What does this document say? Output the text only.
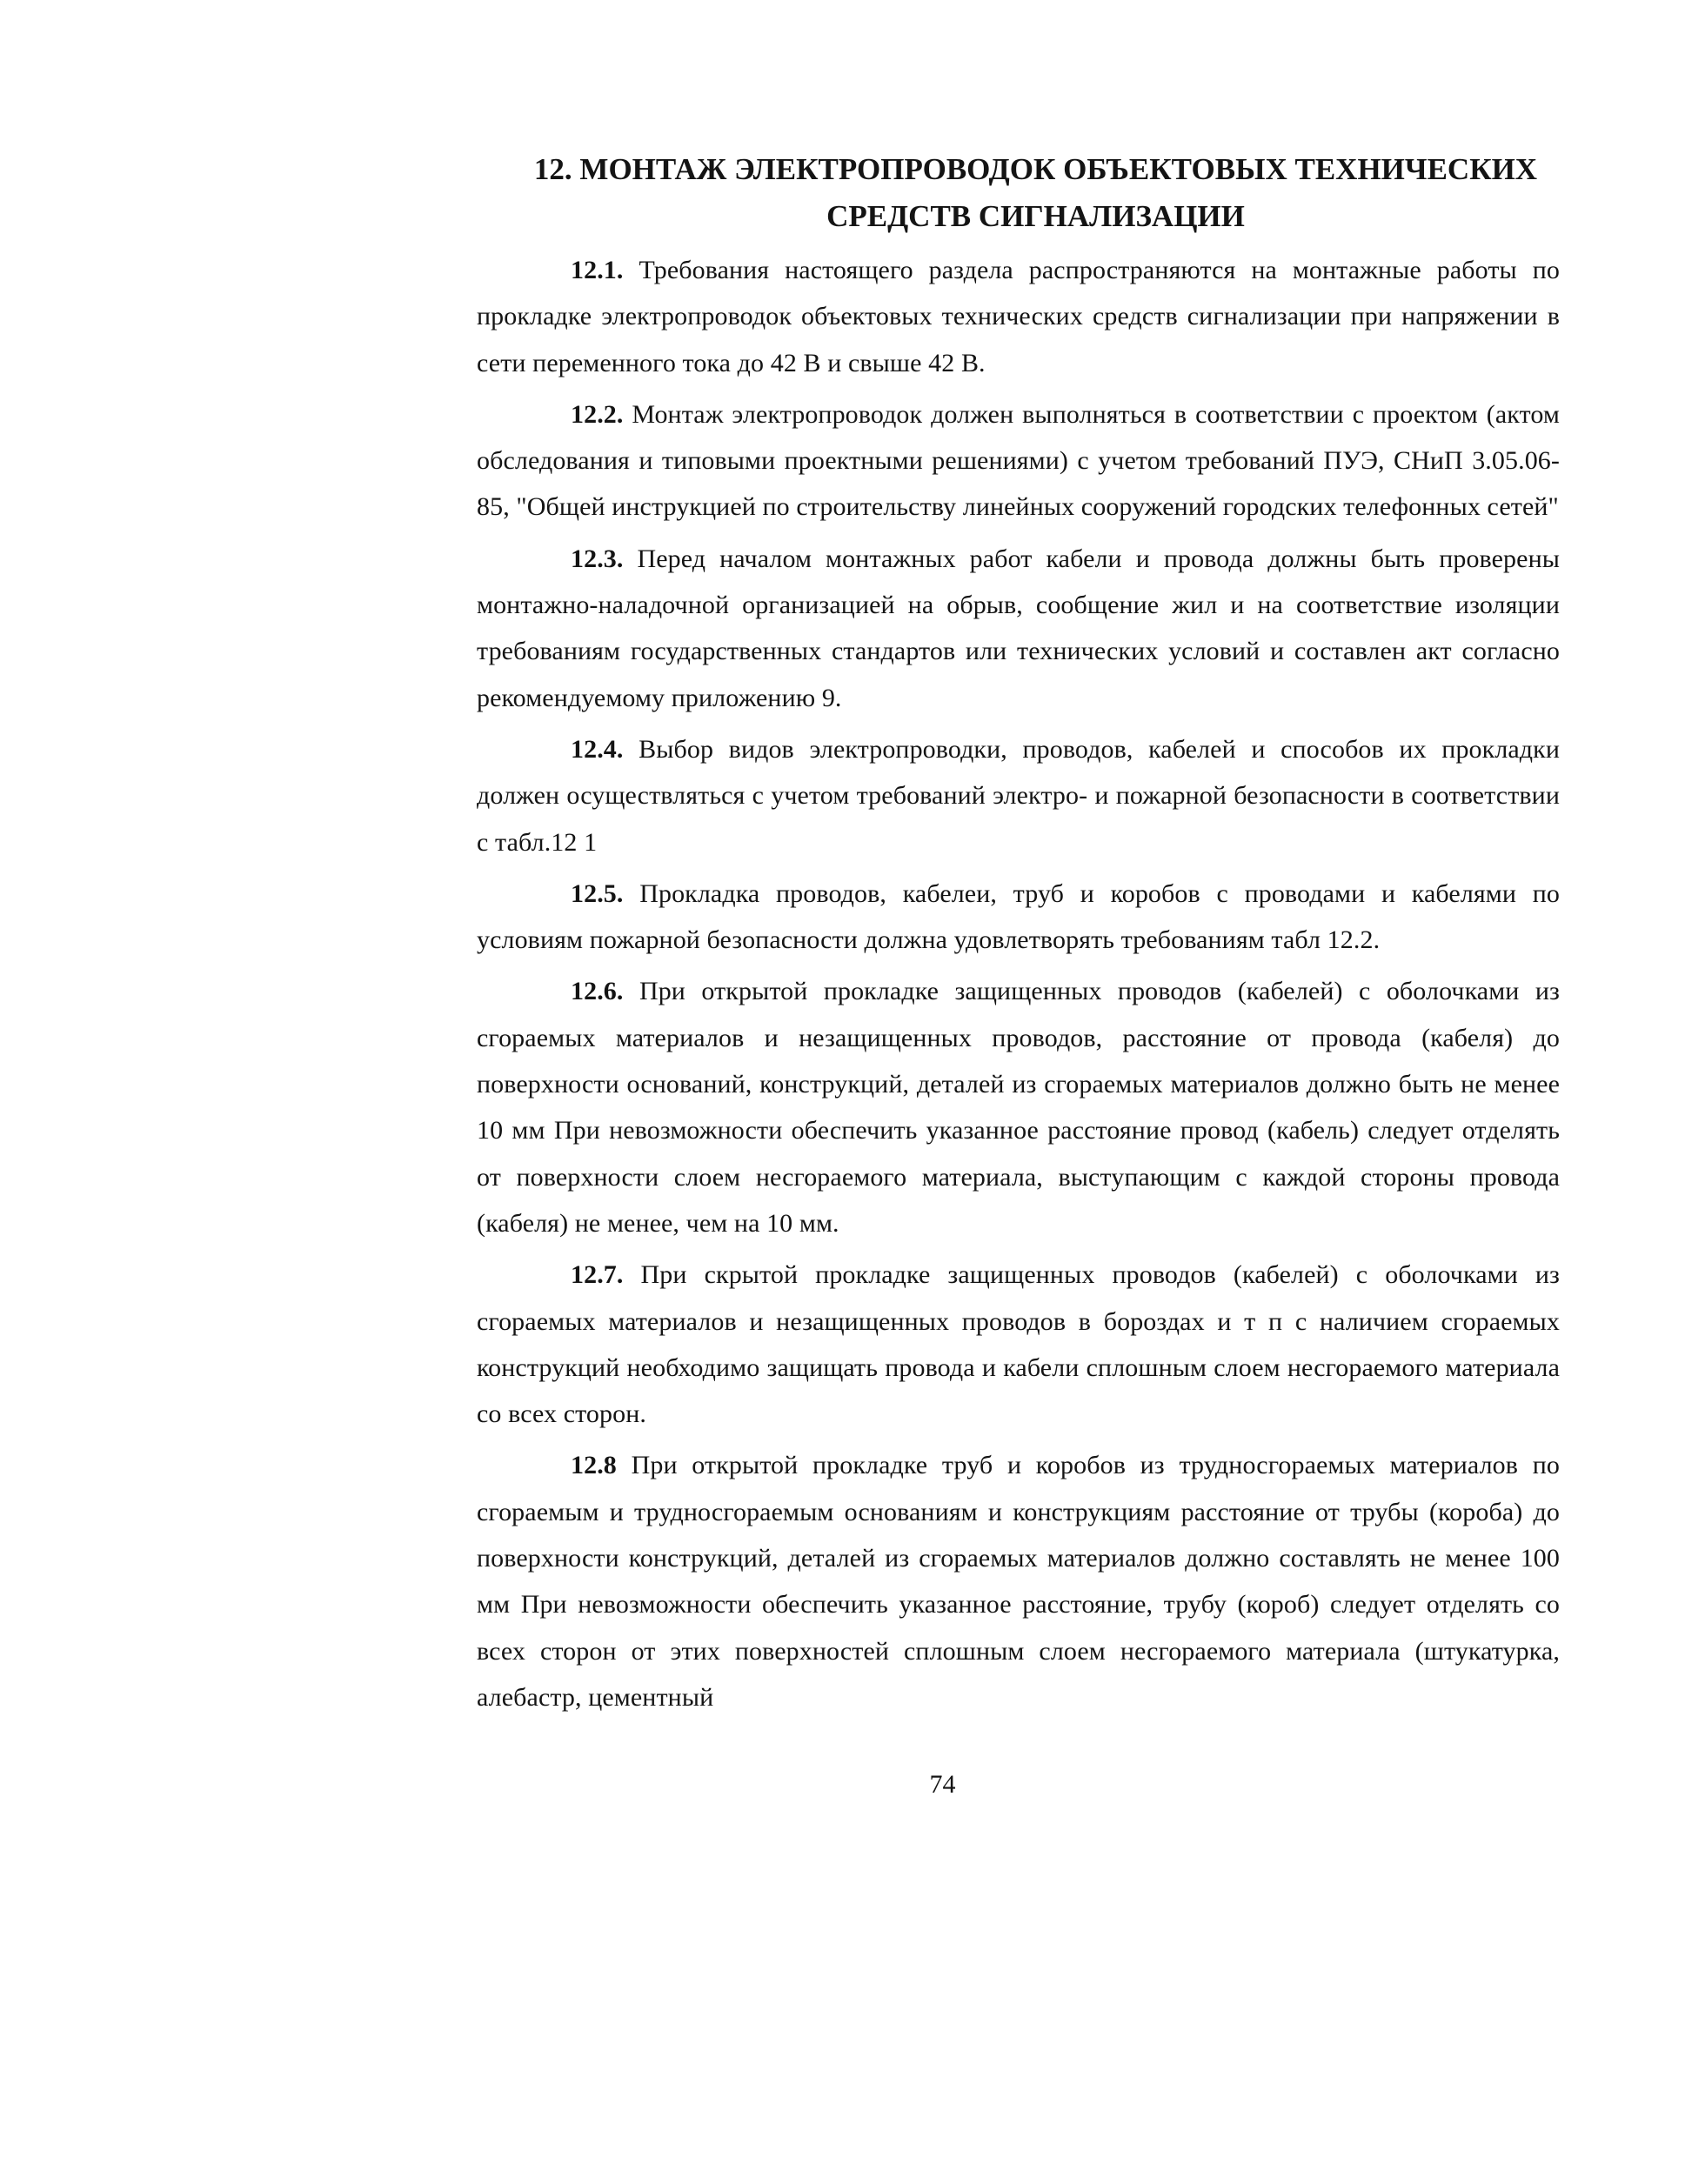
12. МОНТАЖ ЭЛЕКТРОПРОВОДОК ОБЪЕКТОВЫХ ТЕХНИЧЕСКИХ
СРЕДСТВ СИГНАЛИЗАЦИИ

12.1. Требования настоящего раздела распространяются на монтажные работы по прокладке электропроводок объектовых технических средств сигнализации при напряжении в сети переменного тока до 42 В и свыше 42 В.

12.2. Монтаж электропроводок должен выполняться в соответствии с проектом (актом обследования и типовыми проектными решениями) с учетом требований ПУЭ, СНиП 3.05.06-85, "Общей инструкцией по строительству линейных сооружений городских телефонных сетей"

12.3. Перед началом монтажных работ кабели и провода должны быть проверены монтажно-наладочной организацией на обрыв, сообщение жил и на соответствие изоляции требованиям государственных стандартов или технических условий и составлен акт согласно рекомендуемому приложению 9.

12.4. Выбор видов электропроводки, проводов, кабелей и способов их прокладки должен осуществляться с учетом требований электро- и пожарной безопасности в соответствии с табл.12 1

12.5. Прокладка проводов, кабелеи, труб и коробов с проводами и кабелями по условиям пожарной безопасности должна удовлетворять требованиям табл 12.2.

12.6. При открытой прокладке защищенных проводов (кабелей) с оболочками из сгораемых материалов и незащищенных проводов, расстояние от провода (кабеля) до поверхности оснований, конструкций, деталей из сгораемых материалов должно быть не менее 10 мм При невозможности обеспечить указанное расстояние провод (кабель) следует отделять от поверхности слоем несгораемого материала, выступающим с каждой стороны провода (кабеля) не менее, чем на 10 мм.

12.7. При скрытой прокладке защищенных проводов (кабелей) с оболочками из сгораемых материалов и незащищенных проводов в бороздах и т п с наличием сгораемых конструкций необходимо защищать провода и кабели сплошным слоем несгораемого материала со всех сторон.

12.8 При открытой прокладке труб и коробов из трудносгораемых материалов по сгораемым и трудносгораемым основаниям и конструкциям расстояние от трубы (короба) до поверхности конструкций, деталей из сгораемых материалов должно составлять не менее 100 мм При невозможности обеспечить указанное расстояние, трубу (короб) следует отделять со всех сторон от этих поверхностей сплошным слоем несгораемого материала (штукатурка, алебастр, цементный

74
